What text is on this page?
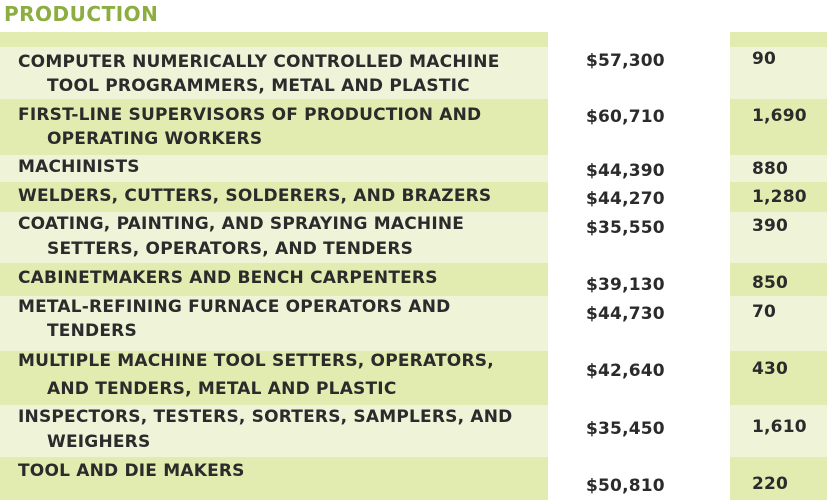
PRODUCTION
COMPUTER NUMERICALLY CONTROLLED MACHINE
TOOL PROGRAMMERS, METAL AND PLASTIC
$57,300	90
FIRST-LINE SUPERVISORS OF PRODUCTION AND
OPERATING WORKERS
$60,710	1,690
MACHINISTS	$44,390	880
WELDERS, CUTTERS, SOLDERERS, AND BRAZERS	$44,270	1,280
COATING, PAINTING, AND SPRAYING MACHINE
SETTERS, OPERATORS, AND TENDERS
$35,550	390
CABINETMAKERS AND BENCH CARPENTERS	$39,130	850
METAL-REFINING FURNACE OPERATORS AND
TENDERS
$44,730	70
MULTIPLE MACHINE TOOL SETTERS, OPERATORS,
AND TENDERS, METAL AND PLASTIC
$42,640	430
INSPECTORS, TESTERS, SORTERS, SAMPLERS, AND
WEIGHERS
$35,450	1,610
TOOL AND DIE MAKERS
$50,810	220
